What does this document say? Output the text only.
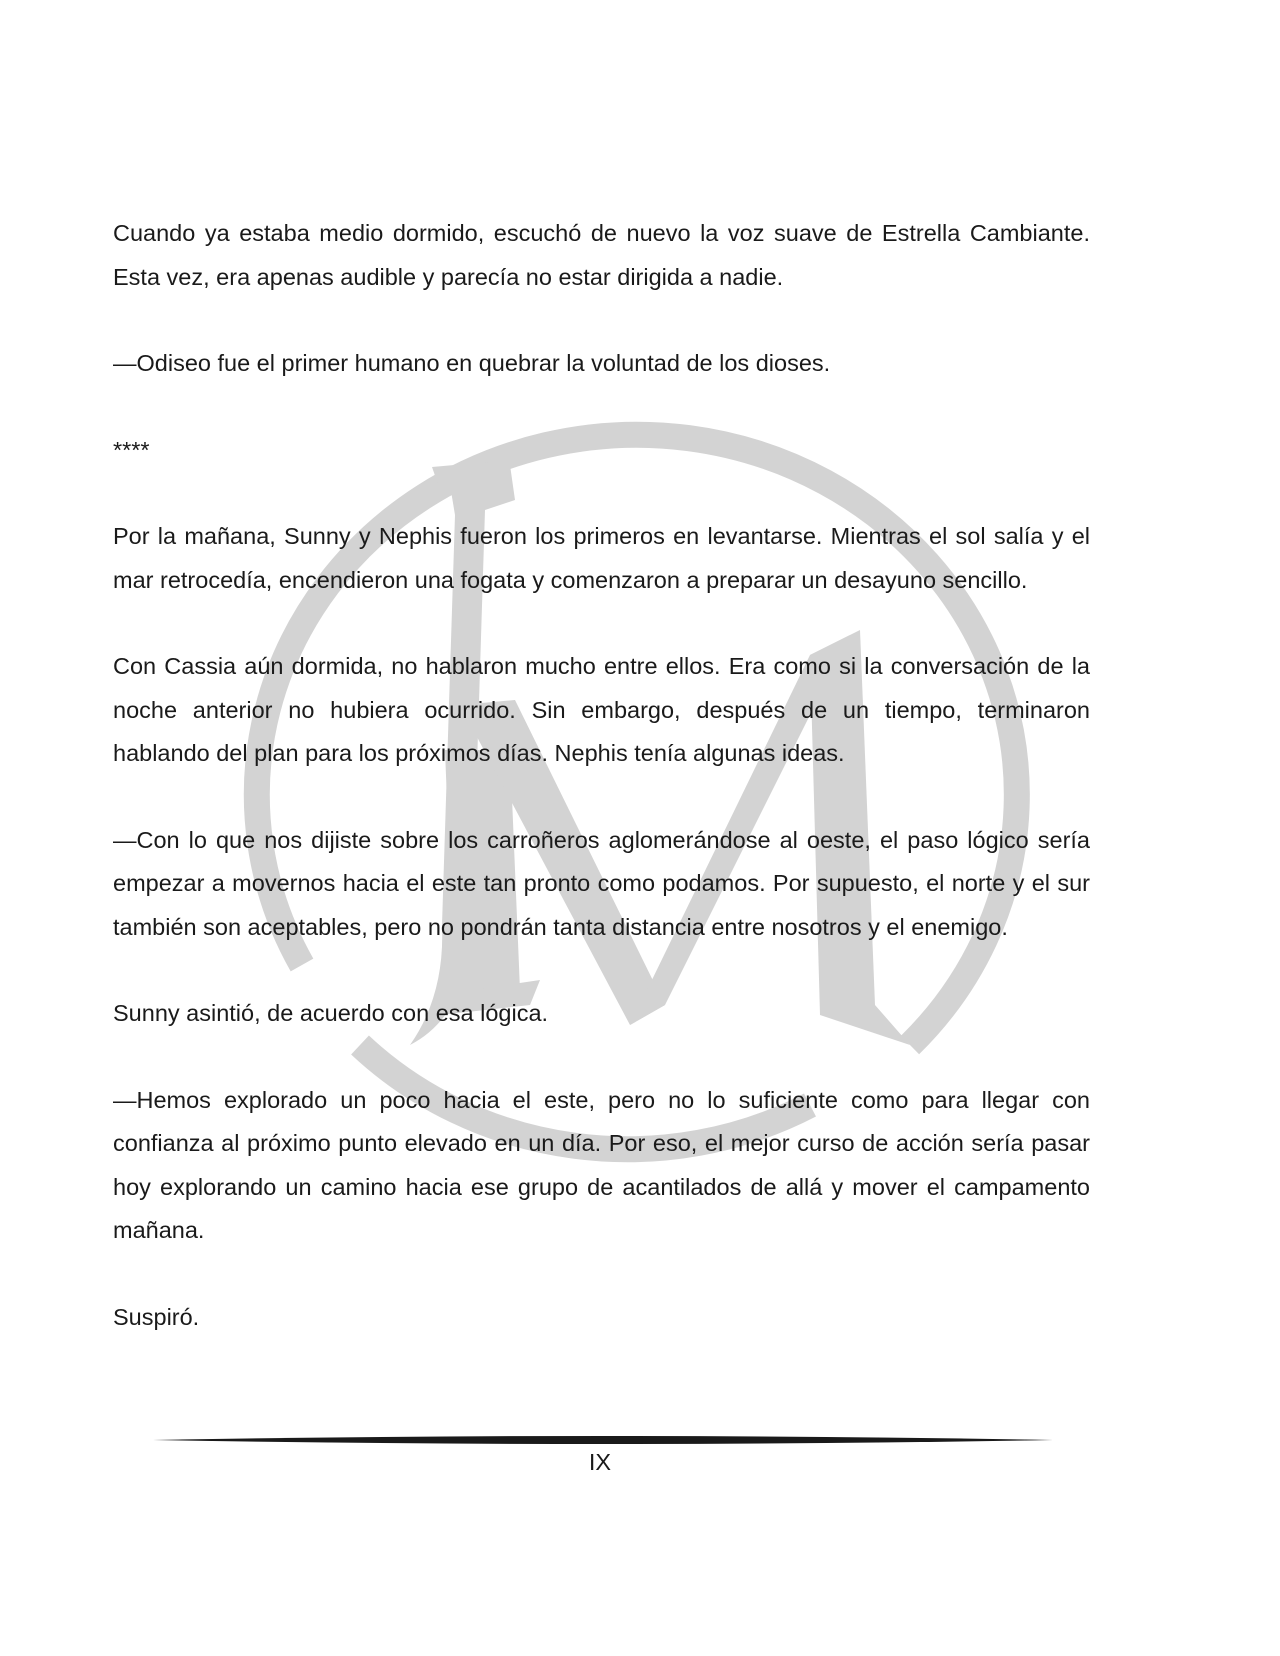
Cuando ya estaba medio dormido, escuchó de nuevo la voz suave de Estrella Cambiante. Esta vez, era apenas audible y parecía no estar dirigida a nadie.

—Odiseo fue el primer humano en quebrar la voluntad de los dioses.

****

Por la mañana, Sunny y Nephis fueron los primeros en levantarse. Mientras el sol salía y el mar retrocedía, encendieron una fogata y comenzaron a preparar un desayuno sencillo.

Con Cassia aún dormida, no hablaron mucho entre ellos. Era como si la conversación de la noche anterior no hubiera ocurrido. Sin embargo, después de un tiempo, terminaron hablando del plan para los próximos días. Nephis tenía algunas ideas.

—Con lo que nos dijiste sobre los carroñeros aglomerándose al oeste, el paso lógico sería empezar a movernos hacia el este tan pronto como podamos. Por supuesto, el norte y el sur también son aceptables, pero no pondrán tanta distancia entre nosotros y el enemigo.

Sunny asintió, de acuerdo con esa lógica.

—Hemos explorado un poco hacia el este, pero no lo suficiente como para llegar con confianza al próximo punto elevado en un día. Por eso, el mejor curso de acción sería pasar hoy explorando un camino hacia ese grupo de acantilados de allá y mover el campamento mañana.

Suspiró.

IX
